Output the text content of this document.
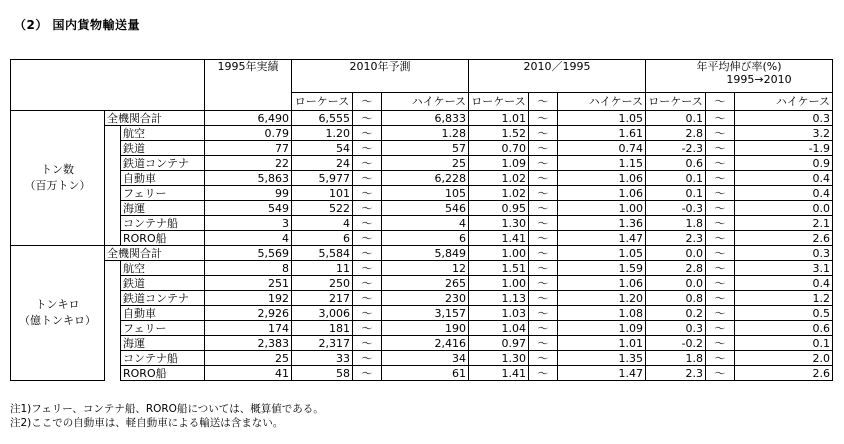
（2） 国内貨物輸送量
			1995年実績	2010年予測			2010／1995			年平均伸び率(%)
1995→2010		

				ローケース	～	ハイケース	ローケース	～	ハイケース	ローケース	～	ハイケース

トン数
（百万トン）	全機関合計		6,490	6,555	～	6,833	1.01	～	1.05	0.1	～	0.3
		航空	0.79	1.20	～	1.28	1.52	～	1.61	2.8	～	3.2
		鉄道	77	54	～	57	0.70	～	0.74	-2.3	～	-1.9
		鉄道コンテナ	22	24	～	25	1.09	～	1.15	0.6	～	0.9
		自動車	5,863	5,977	～	6,228	1.02	～	1.06	0.1	～	0.4
		フェリー	99	101	～	105	1.02	～	1.06	0.1	～	0.4
		海運	549	522	～	546	0.95	～	1.00	-0.3	～	0.0
		コンテナ船	3	4	～	4	1.30	～	1.36	1.8	～	2.1
		RORO船	4	6	～	6	1.41	～	1.47	2.3	～	2.6

トンキロ
（億トンキロ）	全機関合計		5,569	5,584	～	5,849	1.00	～	1.05	0.0	～	0.3
		航空	8	11	～	12	1.51	～	1.59	2.8	～	3.1
		鉄道	251	250	～	265	1.00	～	1.06	0.0	～	0.4
		鉄道コンテナ	192	217	～	230	1.13	～	1.20	0.8	～	1.2
		自動車	2,926	3,006	～	3,157	1.03	～	1.08	0.2	～	0.5
		フェリー	174	181	～	190	1.04	～	1.09	0.3	～	0.6
		海運	2,383	2,317	～	2,416	0.97	～	1.01	-0.2	～	0.1
		コンテナ船	25	33	～	34	1.30	～	1.35	1.8	～	2.0
		RORO船	41	58	～	61	1.41	～	1.47	2.3	～	2.6
注1)フェリー、コンテナ船、RORO船については、概算値である。
注2)ここでの自動車は、軽自動車による輸送は含まない。
